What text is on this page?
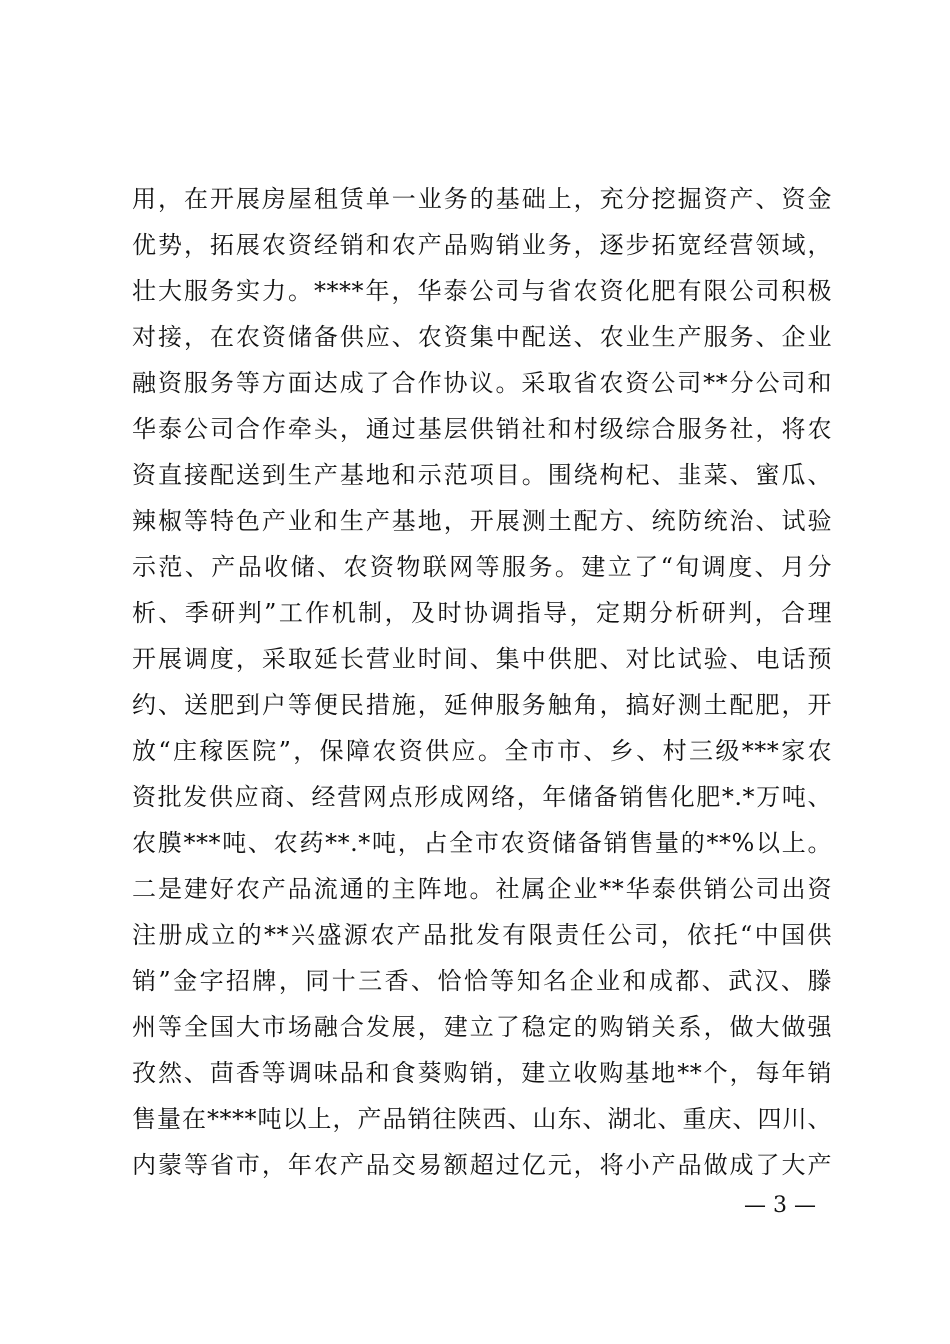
用，在开展房屋租赁单一业务的基础上，充分挖掘资产、资金
优势，拓展农资经销和农产品购销业务，逐步拓宽经营领域，
壮大服务实力。****年，华泰公司与省农资化肥有限公司积极
对接，在农资储备供应、农资集中配送、农业生产服务、企业
融资服务等方面达成了合作协议。采取省农资公司**分公司和
华泰公司合作牵头，通过基层供销社和村级综合服务社，将农
资直接配送到生产基地和示范项目。围绕枸杞、韭菜、蜜瓜、
辣椒等特色产业和生产基地，开展测土配方、统防统治、试验
示范、产品收储、农资物联网等服务。建立了“旬调度、月分
析、季研判”工作机制，及时协调指导，定期分析研判，合理
开展调度，采取延长营业时间、集中供肥、对比试验、电话预
约、送肥到户等便民措施，延伸服务触角，搞好测土配肥，开
放“庄稼医院”，保障农资供应。全市市、乡、村三级***家农
资批发供应商、经营网点形成网络，年储备销售化肥*.*万吨、
农膜***吨、农药**.*吨，占全市农资储备销售量的**%以上。
二是建好农产品流通的主阵地。社属企业**华泰供销公司出资
注册成立的**兴盛源农产品批发有限责任公司，依托“中国供
销”金字招牌，同十三香、恰恰等知名企业和成都、武汉、滕
州等全国大市场融合发展，建立了稳定的购销关系，做大做强
孜然、茴香等调味品和食葵购销，建立收购基地**个，每年销
售量在****吨以上，产品销往陕西、山东、湖北、重庆、四川、
内蒙等省市，年农产品交易额超过亿元，将小产品做成了大产
— 3 —
